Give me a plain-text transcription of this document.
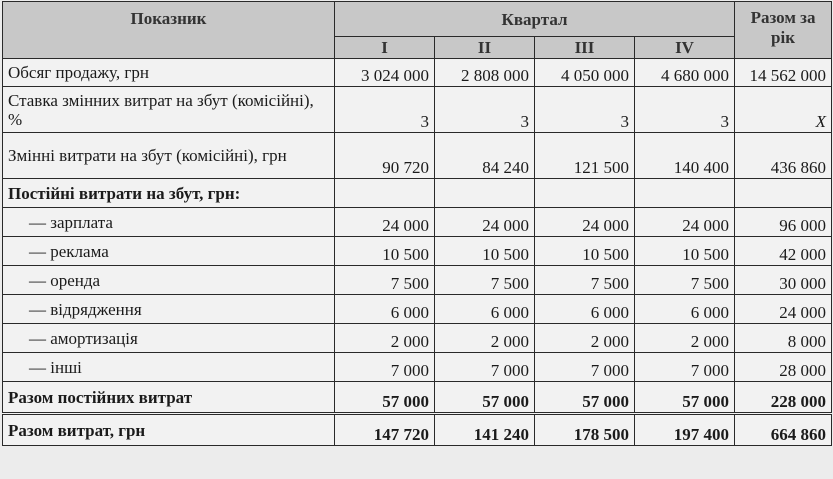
Показник	Квартал				Разом за рік
	I	II	III	IV	
Обсяг продажу, грн	3 024 000	2 808 000	4 050 000	4 680 000	14 562 000
Ставка змінних витрат на збут (комісійні), %	3	3	3	3	X
Змінні витрати на збут (комісійні), грн	90 720	84 240	121 500	140 400	436 860
Постійні витрати на збут, грн:					
— зарплата	24 000	24 000	24 000	24 000	96 000
— реклама	10 500	10 500	10 500	10 500	42 000
— оренда	7 500	7 500	7 500	7 500	30 000
— відрядження	6 000	6 000	6 000	6 000	24 000
— амортизація	2 000	2 000	2 000	2 000	8 000
— інші	7 000	7 000	7 000	7 000	28 000
Разом постійних витрат	57 000	57 000	57 000	57 000	228 000
Разом витрат, грн	147 720	141 240	178 500	197 400	664 860
